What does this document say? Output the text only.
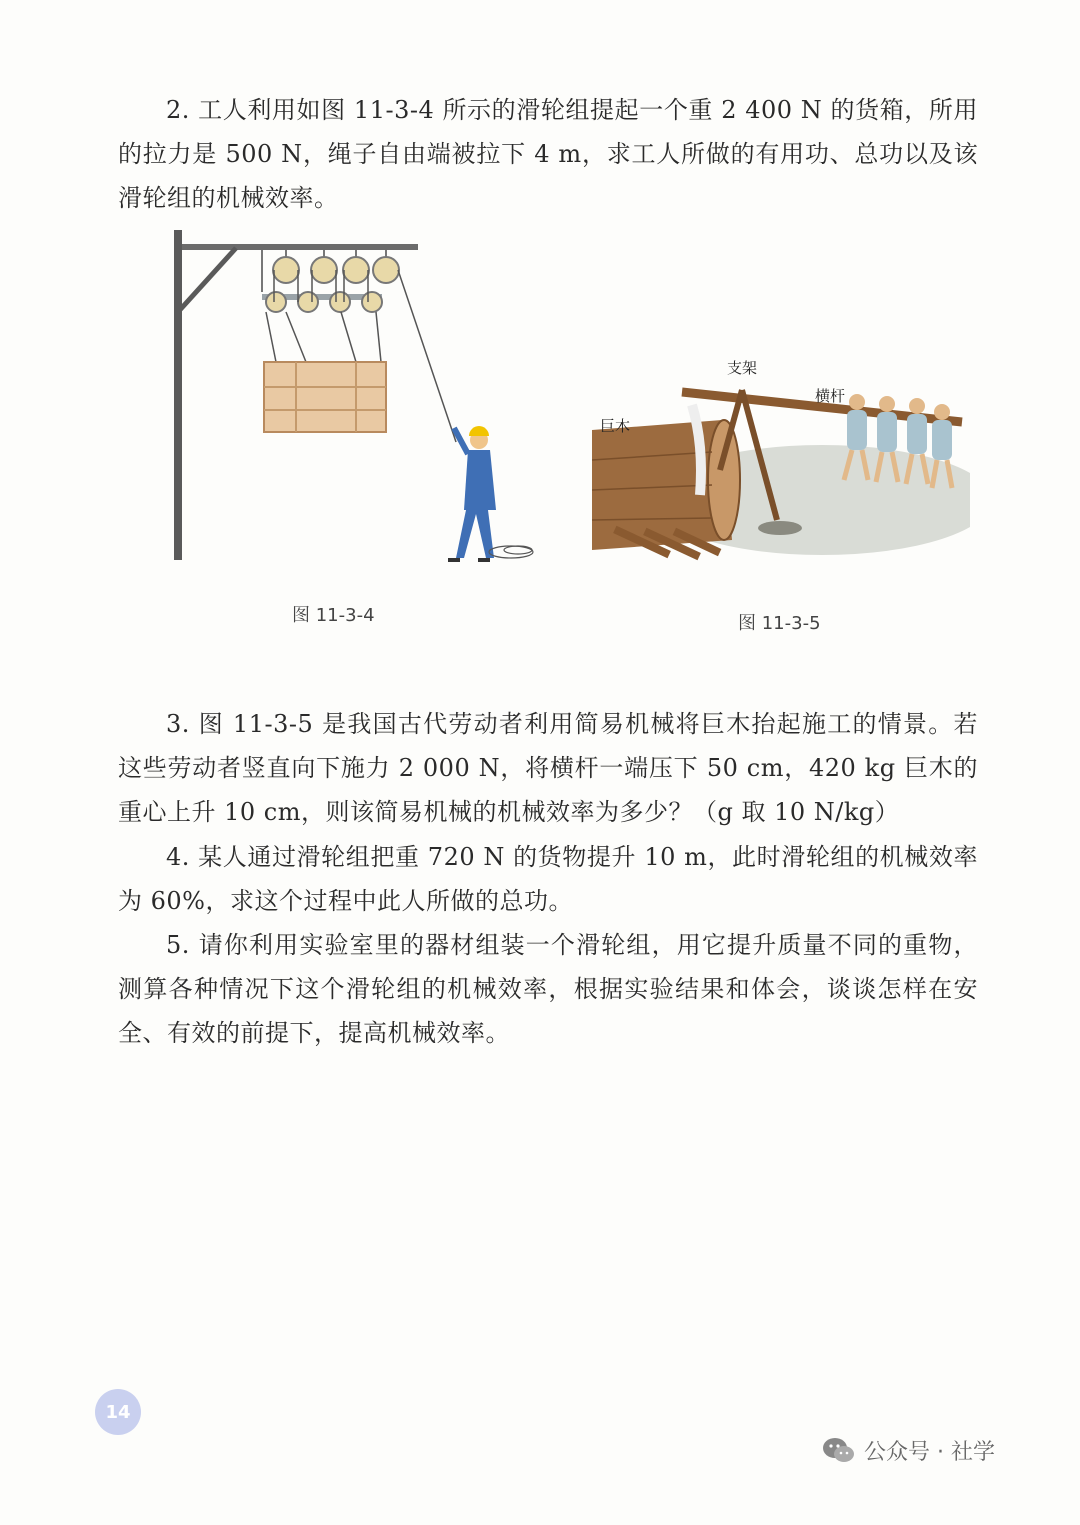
2. 工人利用如图 11-3-4 所示的滑轮组提起一个重 2 400 N 的货箱，所用的拉力是 500 N，绳子自由端被拉下 4 m，求工人所做的有用功、总功以及该滑轮组的机械效率。

图 11-3-4
支架
横杆
巨木
图 11-3-5

3. 图 11-3-5 是我国古代劳动者利用简易机械将巨木抬起施工的情景。若这些劳动者竖直向下施力 2 000 N，将横杆一端压下 50 cm，420 kg 巨木的重心上升 10 cm，则该简易机械的机械效率为多少？（g 取 10 N/kg）

4. 某人通过滑轮组把重 720 N 的货物提升 10 m，此时滑轮组的机械效率为 60%，求这个过程中此人所做的总功。

5. 请你利用实验室里的器材组装一个滑轮组，用它提升质量不同的重物，测算各种情况下这个滑轮组的机械效率，根据实验结果和体会，谈谈怎样在安全、有效的前提下，提高机械效率。

14
公众号 · 社学
